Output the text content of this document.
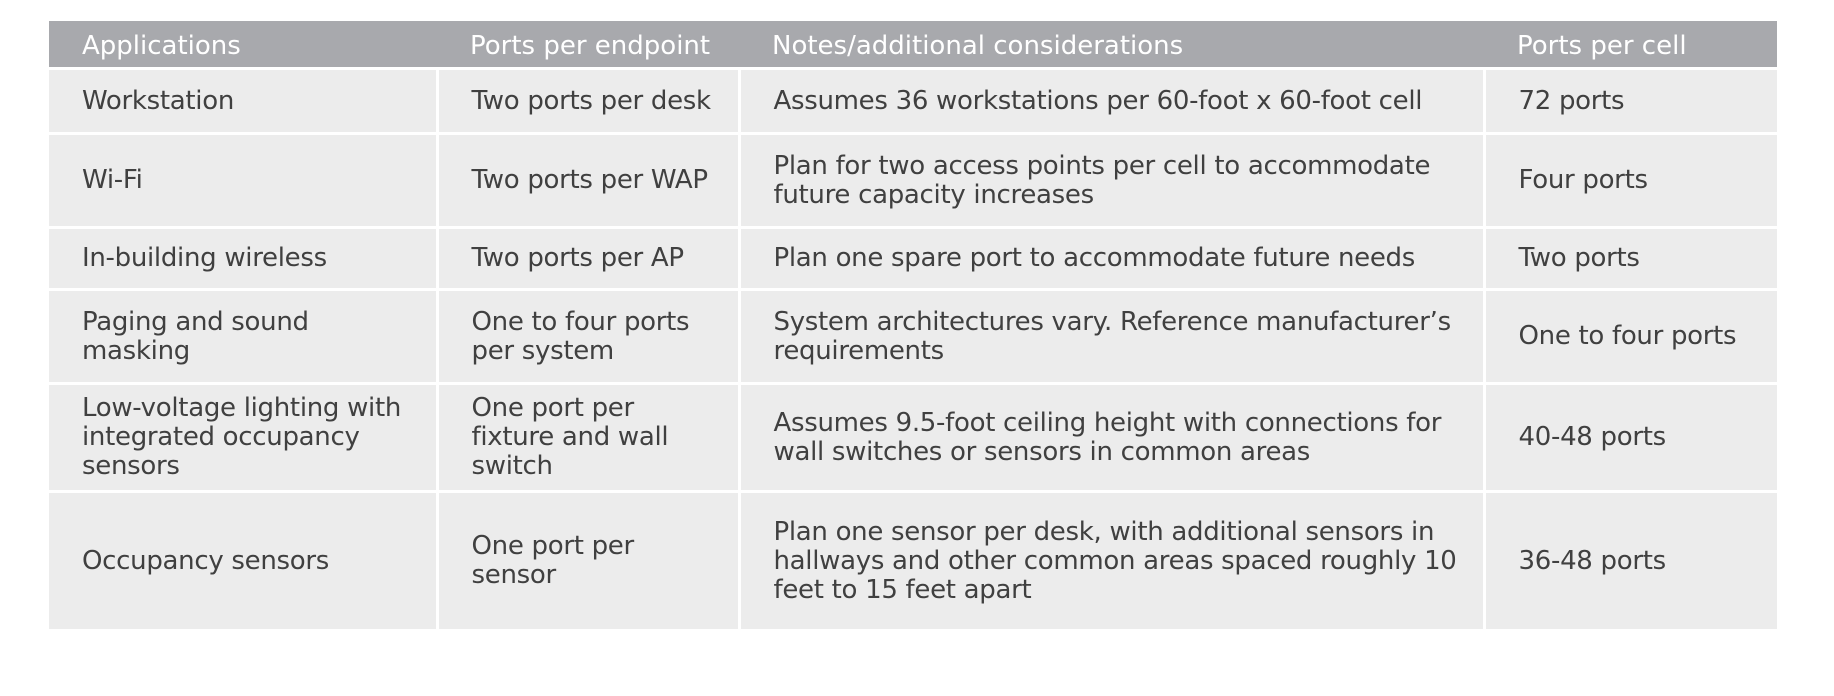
Applications	Ports per endpoint	Notes/additional considerations	Ports per cell
Workstation	Two ports per desk	Assumes 36 workstations per 60-foot x 60-foot cell	72 ports
Wi-Fi	Two ports per WAP	Plan for two access points per cell to accommodate future capacity increases	Four ports
In-building wireless	Two ports per AP	Plan one spare port to accommodate future needs	Two ports
Paging and sound masking	One to four ports per system	System architectures vary. Reference manufacturer’s requirements	One to four ports
Low-voltage lighting with integrated occupancy sensors	One port per fixture and wall switch	Assumes 9.5-foot ceiling height with connections for wall switches or sensors in common areas	40-48 ports
Occupancy sensors	One port per sensor	Plan one sensor per desk, with additional sensors in hallways and other common areas spaced roughly 10 feet to 15 feet apart	36-48 ports
